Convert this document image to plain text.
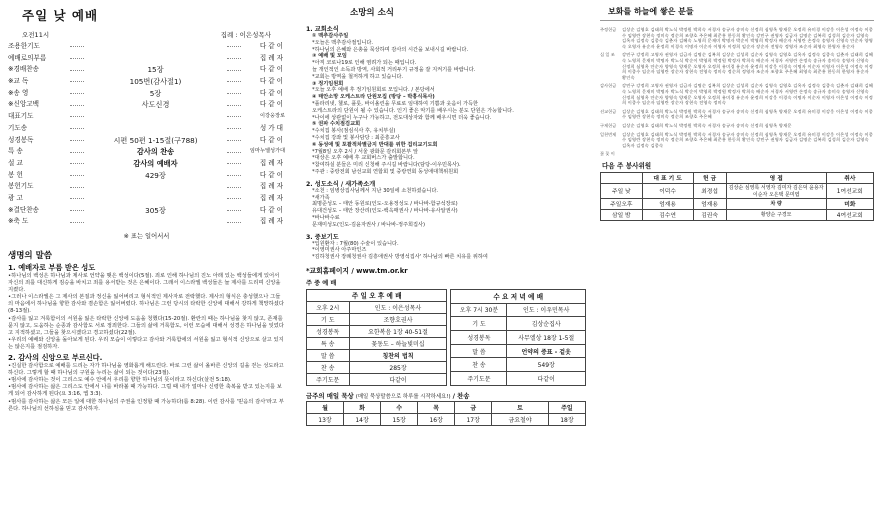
주일 낮 예배
오전11시	집례 : 이은성목사
조용한기도	다같이
예배로의부름	집례자
※경배찬송	15장	다같이
※교 독	105번(감사절1)	다같이
※송 영	5장	다같이
※신앙고백	사도신경	다같이
대표기도	이강웅장로
기도송	성가대
성경봉독	시편 50편 1-15절(구788)	다같이
특 송	감사의 찬송	임마누엘성가대
설 교	감사의 예배자	집례자
봉 헌	429장	다같이
봉헌기도	집례자
광 고	집례자
※결단찬송	305장	다같이
※축 도	집례자
※ 표는 일어서서
생명의 말씀
1. 예배자로 부름 받은 성도
•하나님의 백성은 하나님과 제사로 언약을 맺은 백성이다(5절). 죄로 인해 하나님의 진노 아래 있는 백성들에게 있어서 자신의 죄를 대신하게 짐승을 바치고 죄를 용서받는 것은 은혜이다. 그래서 이스라엘 백성들은 늘 제사를 드리며 신앙을 지켰다.
•그러나 이스라엘은 그 제사의 본질과 정신을 잃어버리고 형식적인 제사자로 전락했다. 제사의 형식은 충성했으나 그들의 마음에서 하나님을 향한 감사와 겸손함은 잃어버렸다. 하나님은 그런 당시의 타락한 신앙에 대해서 강하게 책망하셨다(8-13절).
•감사를 잃고 겨룩함이의 서원을 잃은 타락한 신앙에 도움을 청했다(15-20절). 환란의 때는 하나님을 찾지 않고, 존재를 묻지 않고, 도움하는 순종과 감사함도 서로 정죄한다. 그들의 삶에 거룩함도, 이런 모습에 대해서 성경은 하나님을 잊었다고 지적하셨고, 그들을 찾으시겠다고 경고하셨다(22절).
•우리의 예배와 신앙을 돌아보게 된다. 우리 모습이 이렇다고 감사와 거룩함에의 서원을 잃고 형식적 신앙으로 살고 있지는 않은지를 점검하자.
2. 감사의 신앙으로 부르신다.
•진실한 감사함으로 예배를 드리는 자가 하나님을 영화롭게 해드린다. 바로 그런 삶이 올바른 신앙의 길을 걷는 성도라고 하신다. 그렇게 할 때 하나님의 구원을 누리는 삶이 되는 것이다(23절).
•범사에 감사하는 것이 그리스도 예수 안에서 우리를 향한 하나님의 뜻이라고 하신다(살전 5:18).
•범사에 감사하는 삶은 그리스도 안에서 나를 바라볼 때 가능하다. 그럴 때 내가 얼마나 신령한 축복을 받고 있는지를 보게 되어 감사하게 된다(요 3:16, 엡 3:3).
•범사를 감사하는 삶은 모든 일에 대한 하나님의 주권을 인정할 때 가능하다(롬 8:28). 이런 감사를 '믿음의 감사'라고 부른다. 하나님의 선하심을 믿고 감사하자.
소망의 소식
1. 교회소식
① 맥추감사주일
*오늘은 맥추감사절입니다.
*하나님의 은혜와 은총을 묵상하며 감사의 시간을 보내시길 바랍니다.
② 예배 및 모임
*아직 코로나19로 인해 염려가 되는 때입니다.
늘 개인적인 소독과 방역, 사회적 거리두기 규정을 잘 지켜기를 바랍니다.
*교회는 방역을 철저하게 하고 있습니다.
③ 정기임원회
*오늘 오후 예배 후 정기임원회로 모입니다. / 본당에서
④ 태안소망 오케스트라 단원모집 (방당 – 박홍식목사)
*플라리넷, 첼로, 플룻, 바이올린을 무료로 임대하여 기쁨과 웃음이 가득한
오케스트라의 단원이 될 수 있습니다. 인기 좋은 악기를 배우시는 분도 단원은 가능합니다.
*나이에 상관없이 누구나 가능하고, 전도대상자와 함께 배우시면 더욱 좋습니다.
⑤ 권파 수치점검교회
*수치집 봉사(점심식사 후, 유치부실)
*수치집 강좌 및 봉사담당 : 최준흥교사
⑥ 동성애 및 포괄적차별금지 반대를 위한 겁리교기도회
*7월8일 오후 2시 / 서울 광화문 감리회본부 앞
*대상은 오후 예배 후 교회버스가 출발합니다.
*참여하실 분들은 미리 신청해 주시길 바랍니다(담당-이우민목사).
*주관 : 중랑전회 남선교회 연합회 및 중랑연회 동성애대책위원회
2. 성도소식 / 새가족소개
*소천 : 임병상집사님께서 지난 30일에 소천하셨습니다.
*새가족
최명준성도 – 태안 동원로(인도-오용정성도 / 바나바-함규석장로)
유대건성도 – 태안 장산리(인도-백옥매권사 / 바나바-유사알권사)
*바나바수료
문재미성도(인도-김윤자권사 / 바나바-정주희집사)
3. 중보기도
*입원환자 : 7월(80) 수술이 있습니다.
*이영미권사 아주마인즈
*김하청권사 장례청권사 김흥애권사 방영석집사' 하나님의 빠른 치유를 위하여
*교회홈페이지 / www.tm.or.kr
주 중 예 배
주 일 오 후 예 배	
오후 2시	인도 : 이은성목사
기 도	조향호권사
성경봉독	요한복음 1장 40-51절
특 송	꽃동도 – 하늘빛미십
말 씀	칭찬의 법칙
찬 송	285장
주기도문	다같이
수 요 저 녁 예 배	
오후 7시 30분	인도 : 이우민목사
기 도	김상순집사
성경봉독	사무엘상 18장 1-5절
말 씀	언약의 증표 - 겉옷
찬 송	549장
주기도문	다같이
금주의 매일 묵상 (매일 묵상말씀으로 하루를 시작하세요!) / 찬송
월	화	수	목	금	토	주일
13장	14장	15장	16장	17장	금요철야	18장
보화를 하늘에 쌓은 분들
주정헌금	김상순 김영호 김태희 박노식 박정원 박희숙 서경자 송규자 송미숙 신정희 심영옥 양재문 오정희 유미경 이강웅 이은성 이정숙 이종수 임영란 장현숙 정미숙 정순희 조향호 주은혜 최준흥 한동희 황인숙 강민구 권영자 김금자 김명순 김복희 김성희 김순자 김영숙 김옥자 김정숙 김종숙 김춘자 김혜숙 노영희 문재미 박명자 박순이 박영희 박정자 배순자 서영란 손정숙 송영자 신영숙 안순자 양영숙 오영자 유순자 윤정희 이경숙 이명자 이순자 이영자 이정희 임순자 장순자 전영숙 정영자 조순자 최영숙 한영자 홍순자
십 일 조	강민구 강정희 고영자 권영자 김금자 김명순 김복희 김상순 김성희 김순자 김영숙 김영호 김옥자 김정숙 김종숙 김춘자 김태희 김혜숙 노영희 문재미 박명자 박노식 박순이 박영희 박정원 박정자 박희숙 배순자 서경자 서영란 손정숙 송규자 송미숙 송영자 신영숙 신정희 심영옥 안순자 양영숙 양재문 오영자 오정희 유미경 유순자 윤정희 이강웅 이경숙 이명자 이순자 이영자 이은성 이정숙 이정희 이종수 임순자 임영란 장순자 장현숙 전영숙 정미숙 정순희 정영자 조순자 조향호 주은혜 최영숙 최준흥 한동희 한영자 홍순자 황인숙
감사헌금	강민구 강정희 고영자 권영자 김금자 김명순 김복희 김상순 김성희 김순자 김영숙 김영호 김옥자 김정숙 김종숙 김춘자 김태희 김혜숙 노영희 문재미 박명자 박노식 박순이 박영희 박정원 박정자 박희숙 배순자 서경자 서영란 손정숙 송규자 송미숙 송영자 신영숙 신정희 심영옥 안순자 양영숙 양재문 오영자 오정희 유미경 유순자 윤정희 이강웅 이경숙 이명자 이순자 이영자 이은성 이정숙 이정희 이종수 임순자 임영란 장순자 장현숙 전영숙 정미숙
선교헌금	김상순 김영호 김태희 박노식 박정원 박희숙 서경자 송규자 송미숙 신정희 심영옥 양재문 오정희 유미경 이강웅 이은성 이정숙 이종수 임영란 장현숙 정미숙 정순희 조향호 주은혜
구제헌금	김상순 김영호 김태희 박노식 박정원 박희숙 서경자 송규자 송미숙 신정희 심영옥 양재문
일천번제	김상순 김영호 김태희 박노식 박정원 박희숙 서경자 송규자 송미숙 신정희 심영옥 양재문 오정희 유미경 이강웅 이은성 이정숙 이종수 임영란 장현숙 정미숙 정순희 조향호 주은혜 최준흥 한동희 황인숙 강민구 권영자 김금자 김명순 김복희 김성희 김순자 김영숙 김옥자 김정숙 김종숙
꽃 꽂 이
다음 주 봉사위원
	대 표 기 도	헌 금	영 접	취사
주일 낮	이덕수	최경섭	김상순 심영록 서영자 김미자 김은덕 윤용자 이순자 오은택 문미엽	1여선교회
주일오후	엄재용	엄재용	차 량	미화
삼일 밤	김수연	김권숙	황양순 구경모	4여선교회
